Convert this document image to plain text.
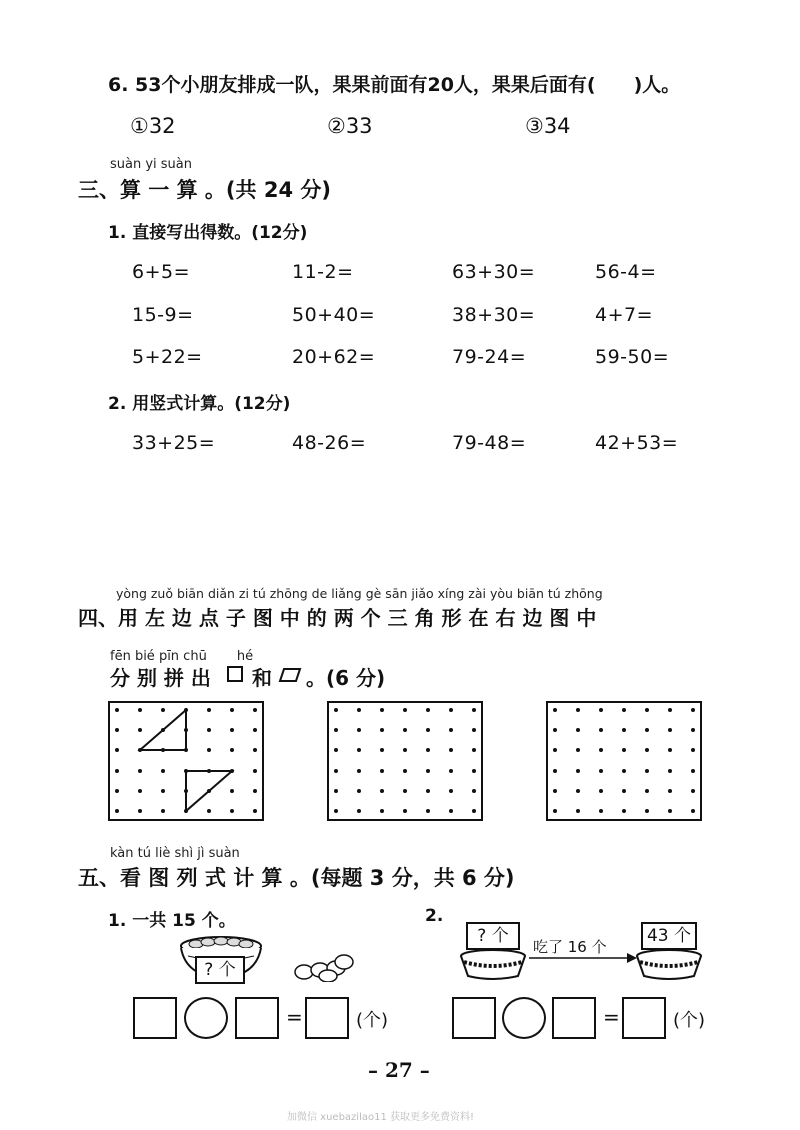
6. 53个小朋友排成一队，果果前面有20人，果果后面有(　　)人。
①32	②33	③34
suàn yi suàn
三、算 一 算 。(共 24 分)
1. 直接写出得数。(12分)
6+5=	11-2=	63+30=	56-4=
15-9=	50+40=	38+30=	4+7=
5+22=	20+62=	79-24=	59-50=
2. 用竖式计算。(12分)
33+25=	48-26=	79-48=	42+53=
yòng zuǒ biān diǎn zi tú zhōng de liǎng gè sān jiǎo xíng zài yòu biān tú zhōng
四、用 左 边 点 子 图 中 的 两 个 三 角 形 在 右 边 图 中
fēn bié pīn chū　　 hé
分 别 拼 出 和 。(6 分)
kàn tú liè shì jì suàn
五、看 图 列 式 计 算 。(每题 3 分，共 6 分)
1. 一共 15 个。
? 个
=	(个)
2.
? 个
吃了 16 个
43 个
=	(个)
– 27 –
加微信 xuebazilao11 获取更多免费资料!
